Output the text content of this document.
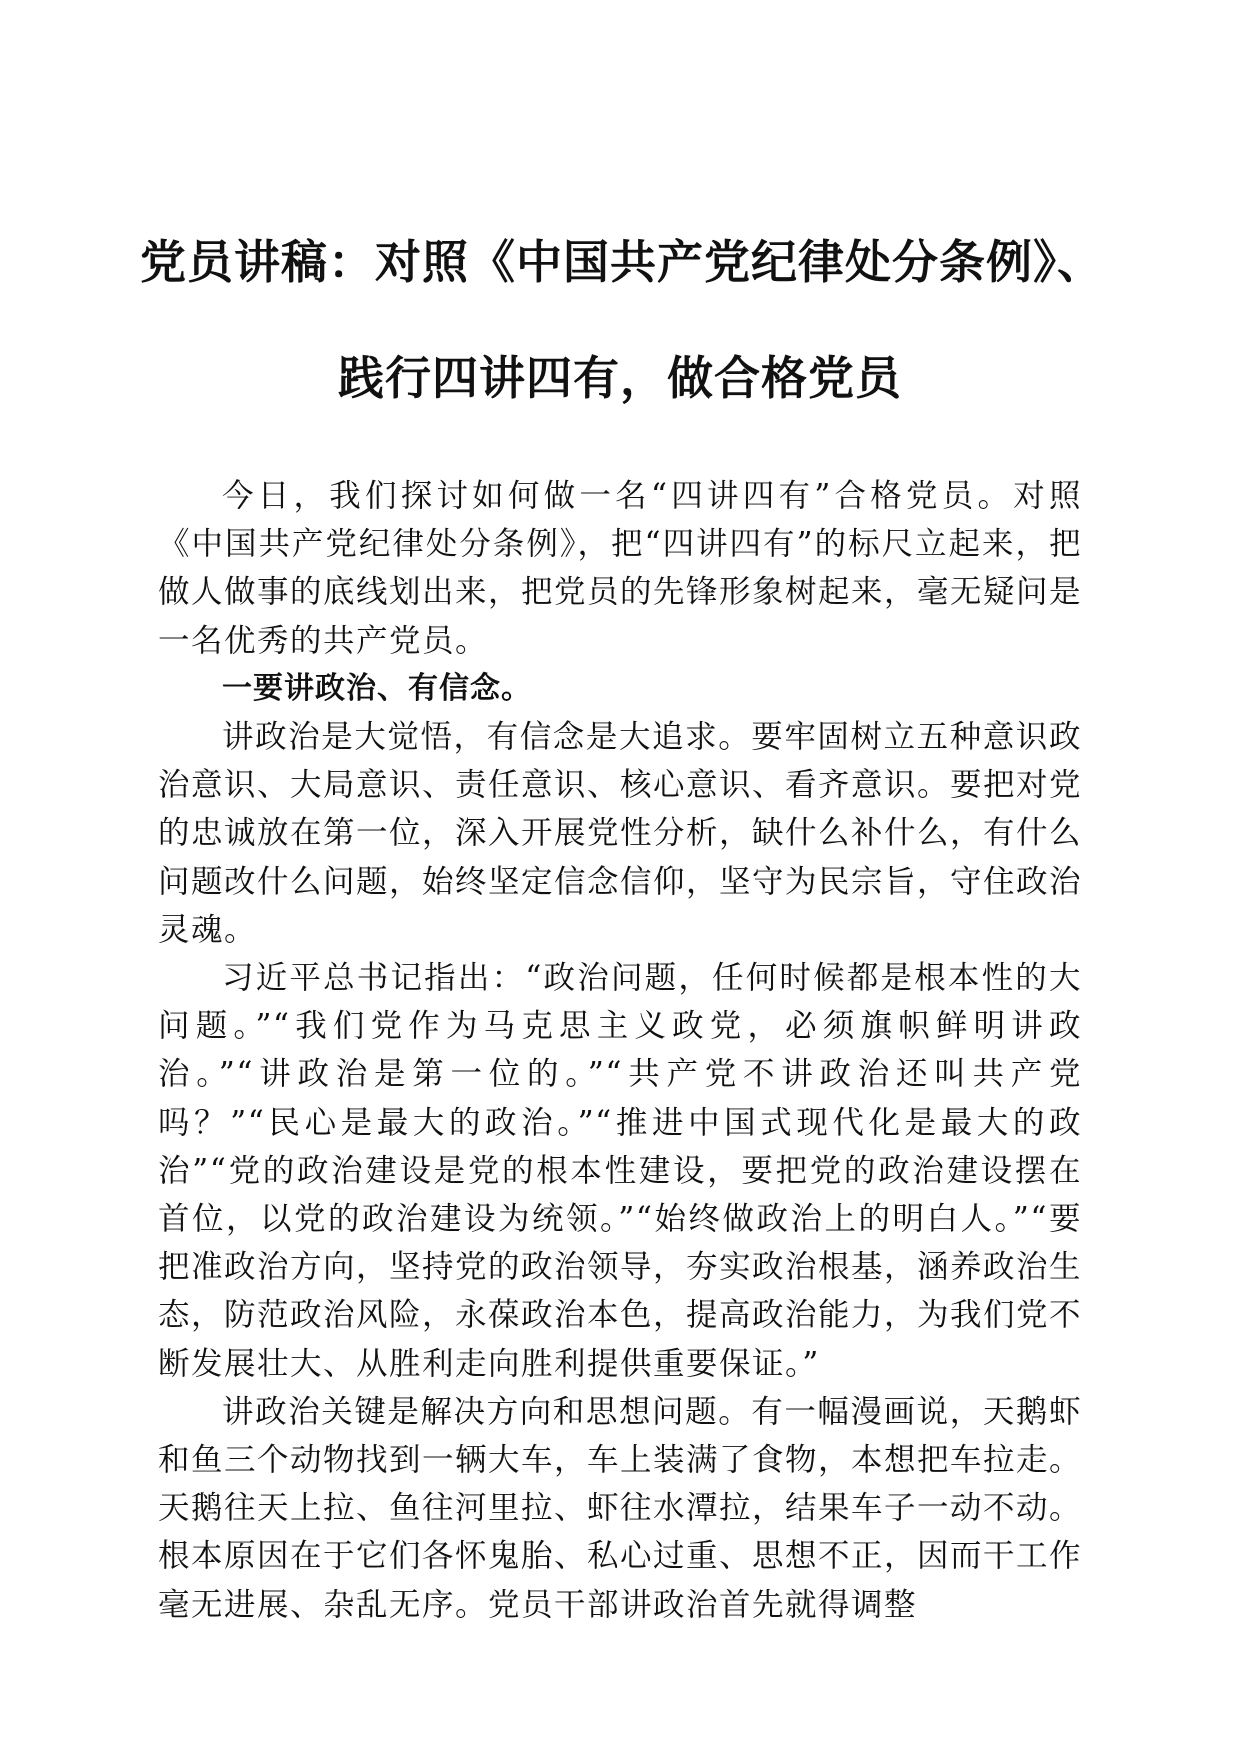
党员讲稿：对照《中国共产党纪律处分条例》、
践行四讲四有，做合格党员

今日，我们探讨如何做一名“四讲四有”合格党员。对照《中国共产党纪律处分条例》，把“四讲四有”的标尺立起来，把做人做事的底线划出来，把党员的先锋形象树起来，毫无疑问是一名优秀的共产党员。

一要讲政治、有信念。

讲政治是大觉悟，有信念是大追求。要牢固树立五种意识政治意识、大局意识、责任意识、核心意识、看齐意识。要把对党的忠诚放在第一位，深入开展党性分析，缺什么补什么，有什么问题改什么问题，始终坚定信念信仰，坚守为民宗旨，守住政治灵魂。

习近平总书记指出：“政治问题，任何时候都是根本性的大问题。”“我们党作为马克思主义政党，必须旗帜鲜明讲政治。”“讲政治是第一位的。”“共产党不讲政治还叫共产党吗？”“民心是最大的政治。”“推进中国式现代化是最大的政治”“党的政治建设是党的根本性建设，要把党的政治建设摆在首位，以党的政治建设为统领。”“始终做政治上的明白人。”“要把准政治方向，坚持党的政治领导，夯实政治根基，涵养政治生态，防范政治风险，永葆政治本色，提高政治能力，为我们党不断发展壮大、从胜利走向胜利提供重要保证。”

讲政治关键是解决方向和思想问题。有一幅漫画说，天鹅虾和鱼三个动物找到一辆大车，车上装满了食物，本想把车拉走。天鹅往天上拉、鱼往河里拉、虾往水潭拉，结果车子一动不动。根本原因在于它们各怀鬼胎、私心过重、思想不正，因而干工作毫无进展、杂乱无序。党员干部讲政治首先就得调整
